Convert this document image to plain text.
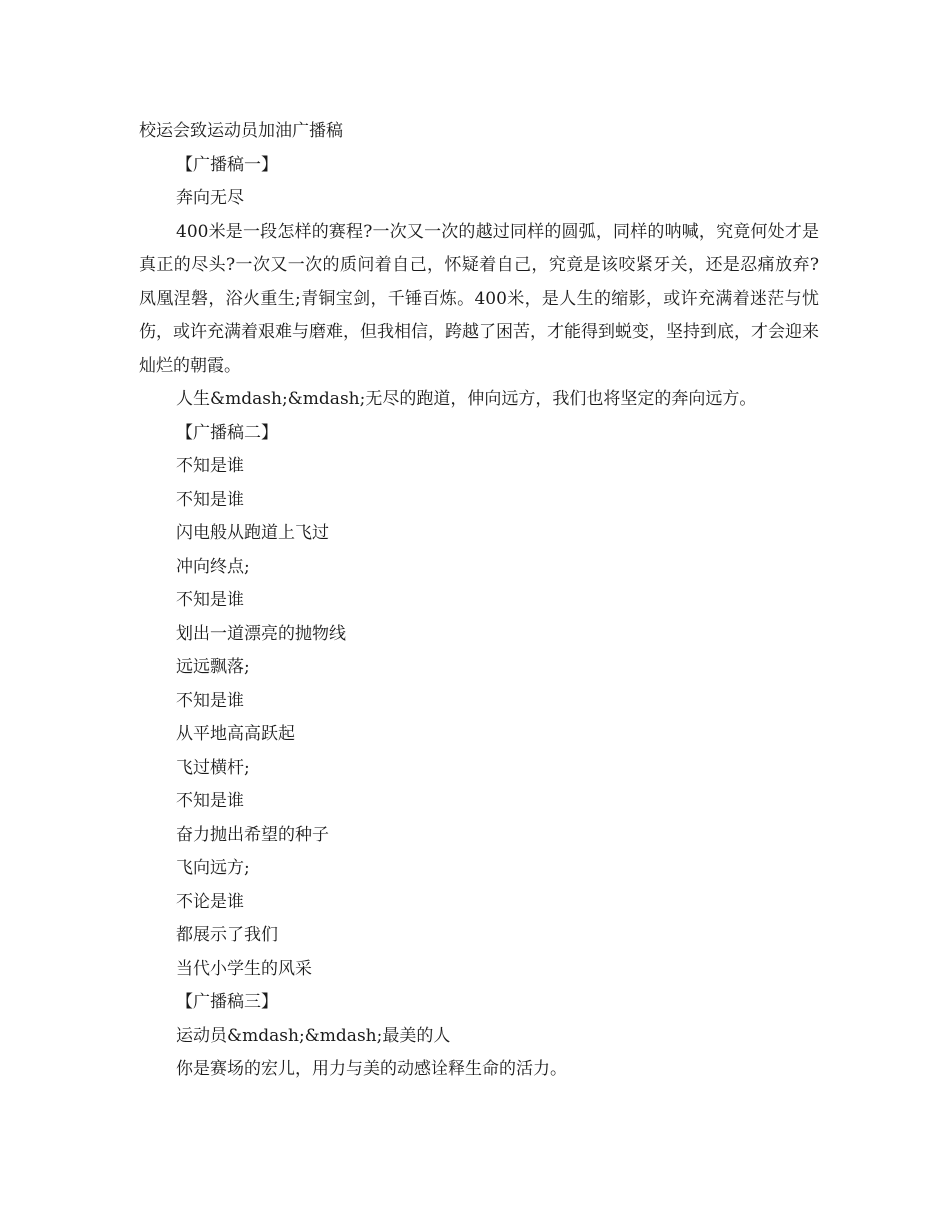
校运会致运动员加油广播稿

【广播稿一】

奔向无尽

400米是一段怎样的赛程?一次又一次的越过同样的圆弧，同样的呐喊，究竟何处才是真正的尽头?一次又一次的质问着自己，怀疑着自己，究竟是该咬紧牙关，还是忍痛放弃?凤凰涅磐，浴火重生;青铜宝剑，千锤百炼。400米，是人生的缩影，或许充满着迷茫与忧伤，或许充满着艰难与磨难，但我相信，跨越了困苦，才能得到蜕变，坚持到底，才会迎来灿烂的朝霞。

人生&mdash;&mdash;无尽的跑道，伸向远方，我们也将坚定的奔向远方。

【广播稿二】

不知是谁

不知是谁

闪电般从跑道上飞过

冲向终点;

不知是谁

划出一道漂亮的抛物线

远远飘落;

不知是谁

从平地高高跃起

飞过横杆;

不知是谁

奋力抛出希望的种子

飞向远方;

不论是谁

都展示了我们

当代小学生的风采

【广播稿三】

运动员&mdash;&mdash;最美的人

你是赛场的宏儿，用力与美的动感诠释生命的活力。
